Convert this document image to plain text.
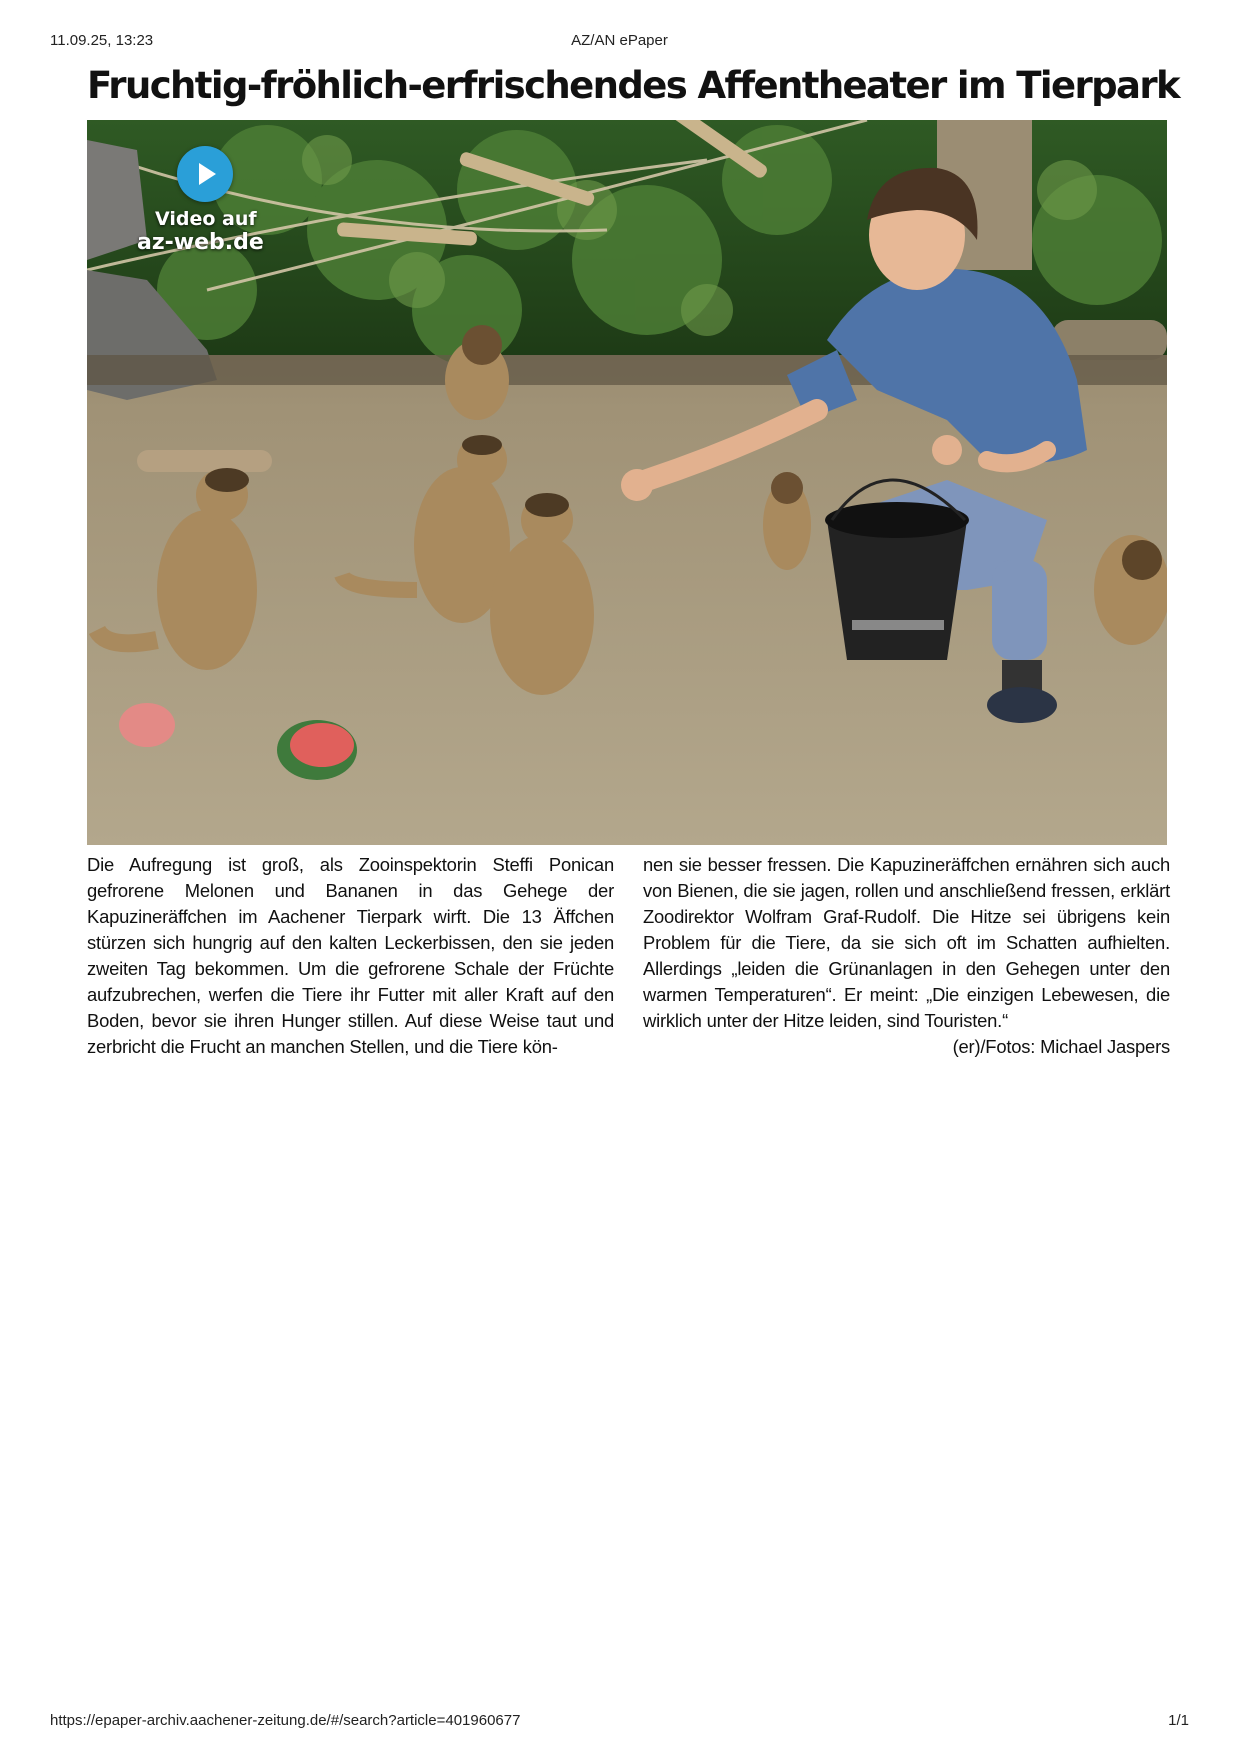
11.09.25, 13:23	AZ/AN ePaper
Fruchtig-fröhlich-erfrischendes Affentheater im Tierpark
Video auf
az-web.de

Die Aufregung ist groß, als Zooinspektorin Steffi Ponican gefrorene Melonen und Bananen in das Gehege der Kapuzineräffchen im Aachener Tierpark wirft. Die 13 Äffchen stürzen sich hungrig auf den kalten Leckerbissen, den sie jeden zweiten Tag bekommen. Um die gefrorene Schale der Früchte aufzubrechen, werfen die Tiere ihr Futter mit aller Kraft auf den Boden, bevor sie ihren Hunger stillen. Auf diese Weise taut und zerbricht die Frucht an manchen Stellen, und die Tiere kön-

nen sie besser fressen. Die Kapuzineräffchen ernähren sich auch von Bienen, die sie jagen, rollen und anschließend fressen, erklärt Zoodirektor Wolfram Graf-Rudolf. Die Hitze sei übrigens kein Problem für die Tiere, da sie sich oft im Schatten aufhielten. Allerdings „leiden die Grünanlagen in den Gehegen unter den warmen Temperaturen“. Er meint: „Die einzigen Lebewesen, die wirklich unter der Hitze leiden, sind Touristen.“

(er)/Fotos: Michael Jaspers
https://epaper-archiv.aachener-zeitung.de/#/search?article=401960677	1/1
